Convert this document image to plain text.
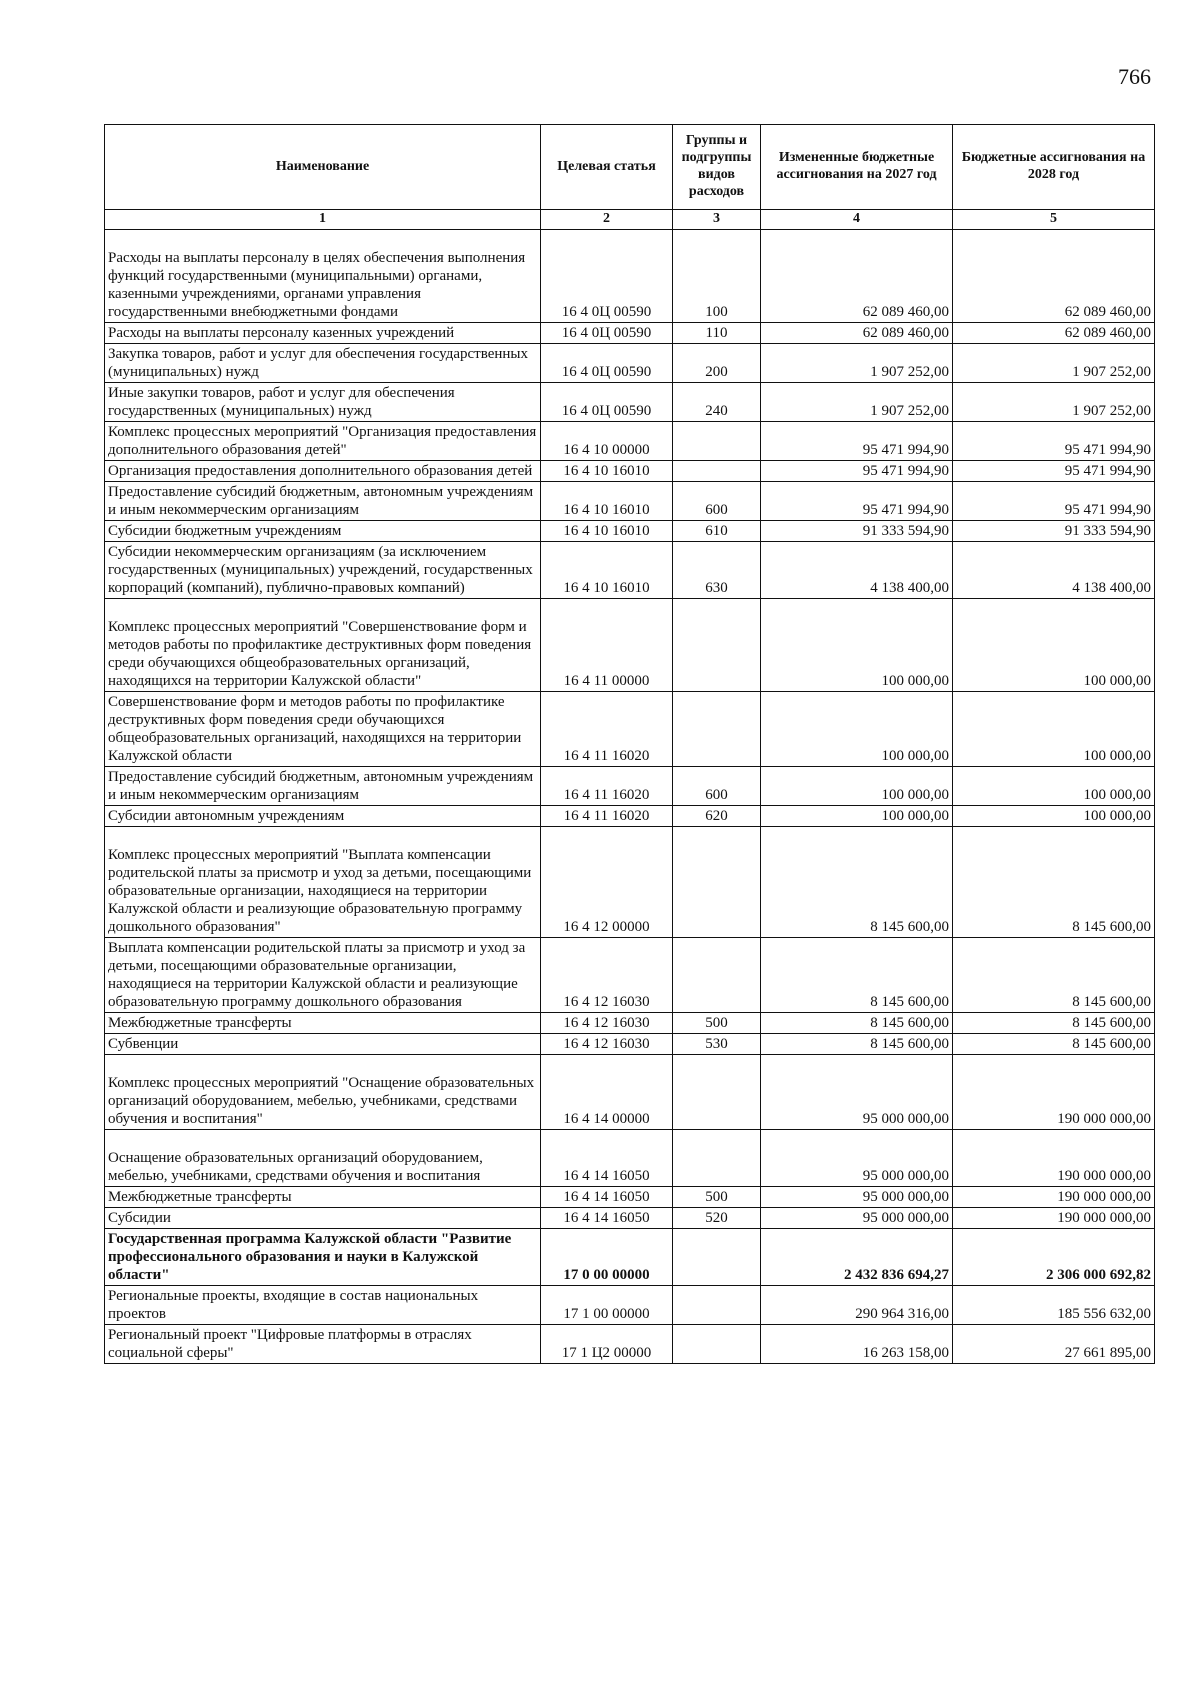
766
Наименование	Целевая статья	Группы и подгруппы видов расходов	Измененные бюджетные ассигнования на 2027 год	Бюджетные ассигнования на 2028 год
1	2	3	4	5
Расходы на выплаты персоналу в целях обеспечения выполнения функций государственными (муниципальными) органами, казенными учреждениями, органами управления государственными внебюджетными фондами	16 4 0Ц 00590	100	62 089 460,00	62 089 460,00
Расходы на выплаты персоналу казенных учреждений	16 4 0Ц 00590	110	62 089 460,00	62 089 460,00
Закупка товаров, работ и услуг для обеспечения государственных (муниципальных) нужд	16 4 0Ц 00590	200	1 907 252,00	1 907 252,00
Иные закупки товаров, работ и услуг для обеспечения государственных (муниципальных) нужд	16 4 0Ц 00590	240	1 907 252,00	1 907 252,00
Комплекс процессных мероприятий "Организация предоставления дополнительного образования детей"	16 4 10 00000		95 471 994,90	95 471 994,90
Организация предоставления дополнительного образования детей	16 4 10 16010		95 471 994,90	95 471 994,90
Предоставление субсидий бюджетным, автономным учреждениям и иным некоммерческим организациям	16 4 10 16010	600	95 471 994,90	95 471 994,90
Субсидии бюджетным учреждениям	16 4 10 16010	610	91 333 594,90	91 333 594,90
Субсидии некоммерческим организациям (за исключением государственных (муниципальных) учреждений, государственных корпораций (компаний), публично-правовых компаний)	16 4 10 16010	630	4 138 400,00	4 138 400,00
Комплекс процессных мероприятий "Совершенствование форм и методов работы по профилактике деструктивных форм поведения среди обучающихся общеобразовательных организаций, находящихся на территории Калужской области"	16 4 11 00000		100 000,00	100 000,00
Совершенствование форм и методов работы по профилактике деструктивных форм поведения среди обучающихся общеобразовательных организаций, находящихся на территории Калужской области	16 4 11 16020		100 000,00	100 000,00
Предоставление субсидий бюджетным, автономным учреждениям и иным некоммерческим организациям	16 4 11 16020	600	100 000,00	100 000,00
Субсидии автономным учреждениям	16 4 11 16020	620	100 000,00	100 000,00
Комплекс процессных мероприятий "Выплата компенсации родительской платы за присмотр и уход за детьми, посещающими образовательные организации, находящиеся на территории Калужской области и реализующие образовательную программу дошкольного образования"	16 4 12 00000		8 145 600,00	8 145 600,00
Выплата компенсации родительской платы за присмотр и уход за детьми, посещающими образовательные организации, находящиеся на территории Калужской области и реализующие образовательную программу дошкольного образования	16 4 12 16030		8 145 600,00	8 145 600,00
Межбюджетные трансферты	16 4 12 16030	500	8 145 600,00	8 145 600,00
Субвенции	16 4 12 16030	530	8 145 600,00	8 145 600,00
Комплекс процессных мероприятий "Оснащение образовательных организаций оборудованием, мебелью, учебниками, средствами обучения и воспитания"	16 4 14 00000		95 000 000,00	190 000 000,00
Оснащение образовательных организаций оборудованием, мебелью, учебниками, средствами обучения и воспитания	16 4 14 16050		95 000 000,00	190 000 000,00
Межбюджетные трансферты	16 4 14 16050	500	95 000 000,00	190 000 000,00
Субсидии	16 4 14 16050	520	95 000 000,00	190 000 000,00
Государственная программа Калужской области "Развитие профессионального образования и науки в Калужской области"	17 0 00 00000		2 432 836 694,27	2 306 000 692,82
Региональные проекты, входящие в состав национальных проектов	17 1 00 00000		290 964 316,00	185 556 632,00
Региональный проект "Цифровые платформы в отраслях социальной сферы"	17 1 Ц2 00000		16 263 158,00	27 661 895,00
